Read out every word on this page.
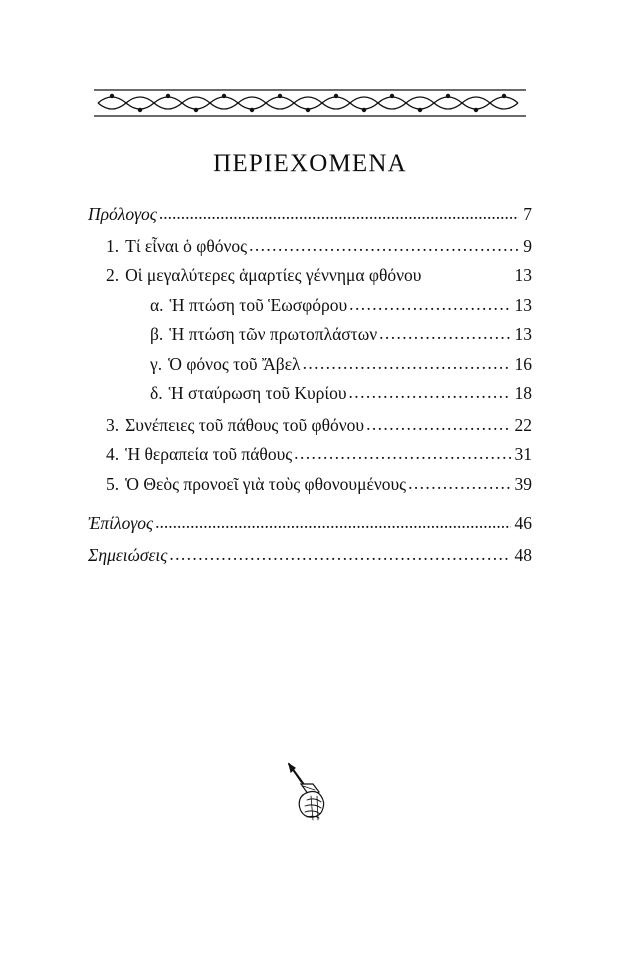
ΠΕΡΙΕΧΟΜΕΝΑ
Πρόλογος .....	7
1. Τί εἶναι ὁ φθόνος .....	9
2. Οἱ μεγαλύτερες ἁμαρτίες γέννημα φθόνου	13
α. Ἡ πτώση τοῦ Ἑωσφόρου .....	13
β. Ἡ πτώση τῶν πρωτοπλάστων .....	13
γ. Ὁ φόνος τοῦ Ἄβελ .....	16
δ. Ἡ σταύρωση τοῦ Κυρίου .....	18
3. Συνέπειες τοῦ πάθους τοῦ φθόνου .....	22
4. Ἡ θεραπεία τοῦ πάθους .....	31
5. Ὁ Θεὸς προνοεῖ γιὰ τοὺς φθονουμένους .....	39
Ἐπίλογος .....	46
Σημειώσεις .....	48
